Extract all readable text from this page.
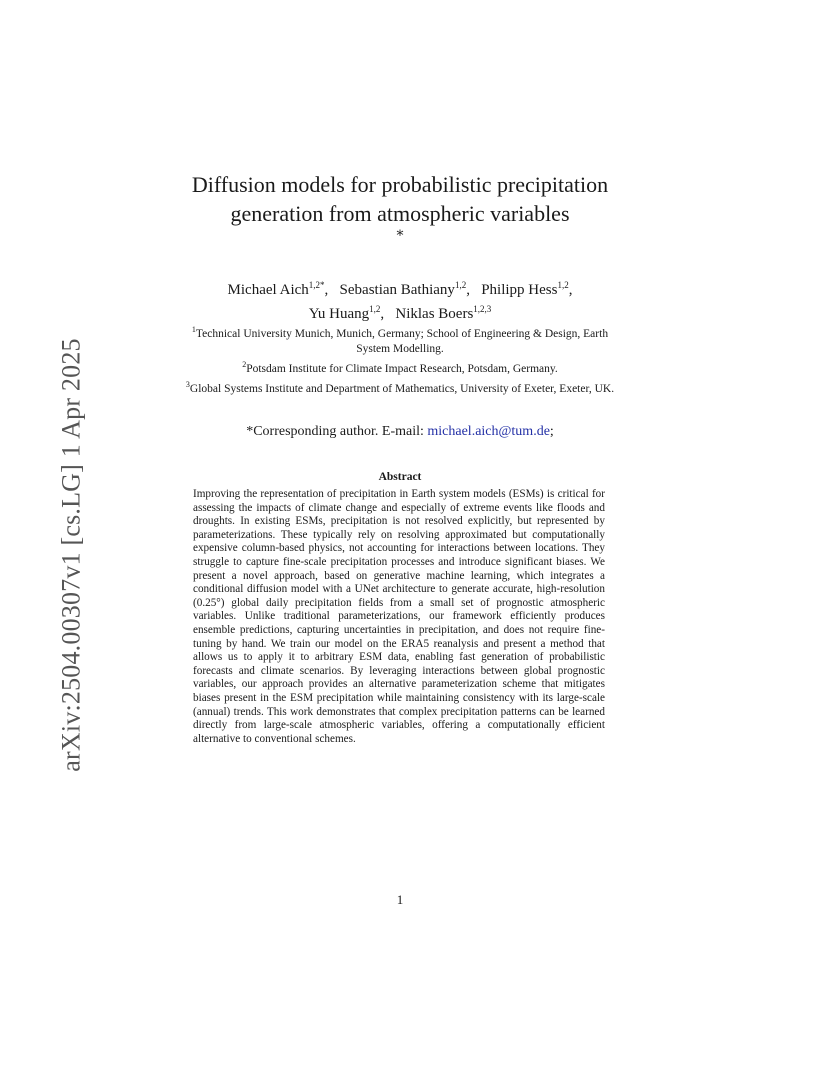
arXiv:2504.00307v1 [cs.LG] 1 Apr 2025
Diffusion models for probabilistic precipitation generation from atmospheric variables
*
Michael Aich$^{1,2*}$,   Sebastian Bathiany$^{1,2}$,   Philipp Hess$^{1,2}$,
Yu Huang$^{1,2}$,   Niklas Boers$^{1,2,3}$

$^1$Technical University Munich, Munich, Germany; School of Engineering & Design, Earth System Modelling.

$^2$Potsdam Institute for Climate Impact Research, Potsdam, Germany.

$^3$Global Systems Institute and Department of Mathematics, University of Exeter, Exeter, UK.

*Corresponding author. E-mail: michael.aich@tum.de;
Abstract

Improving the representation of precipitation in Earth system models (ESMs) is critical for assessing the impacts of climate change and especially of extreme events like floods and droughts. In existing ESMs, precipitation is not resolved explicitly, but represented by parameterizations. These typically rely on resolving approximated but computationally expensive column-based physics, not accounting for interactions between locations. They struggle to capture fine-scale precipitation processes and introduce significant biases. We present a novel approach, based on generative machine learning, which integrates a conditional diffusion model with a UNet architecture to generate accurate, high-resolution (0.25°) global daily precipitation fields from a small set of prognostic atmospheric variables. Unlike traditional parameterizations, our framework efficiently produces ensemble predictions, capturing uncertainties in precipitation, and does not require fine-tuning by hand. We train our model on the ERA5 reanalysis and present a method that allows us to apply it to arbitrary ESM data, enabling fast generation of probabilistic forecasts and climate scenarios. By leveraging interactions between global prognostic variables, our approach provides an alternative parameterization scheme that mitigates biases present in the ESM precipitation while maintaining consistency with its large-scale (annual) trends. This work demonstrates that complex precipitation patterns can be learned directly from large-scale atmospheric variables, offering a computationally efficient alternative to conventional schemes.

1
